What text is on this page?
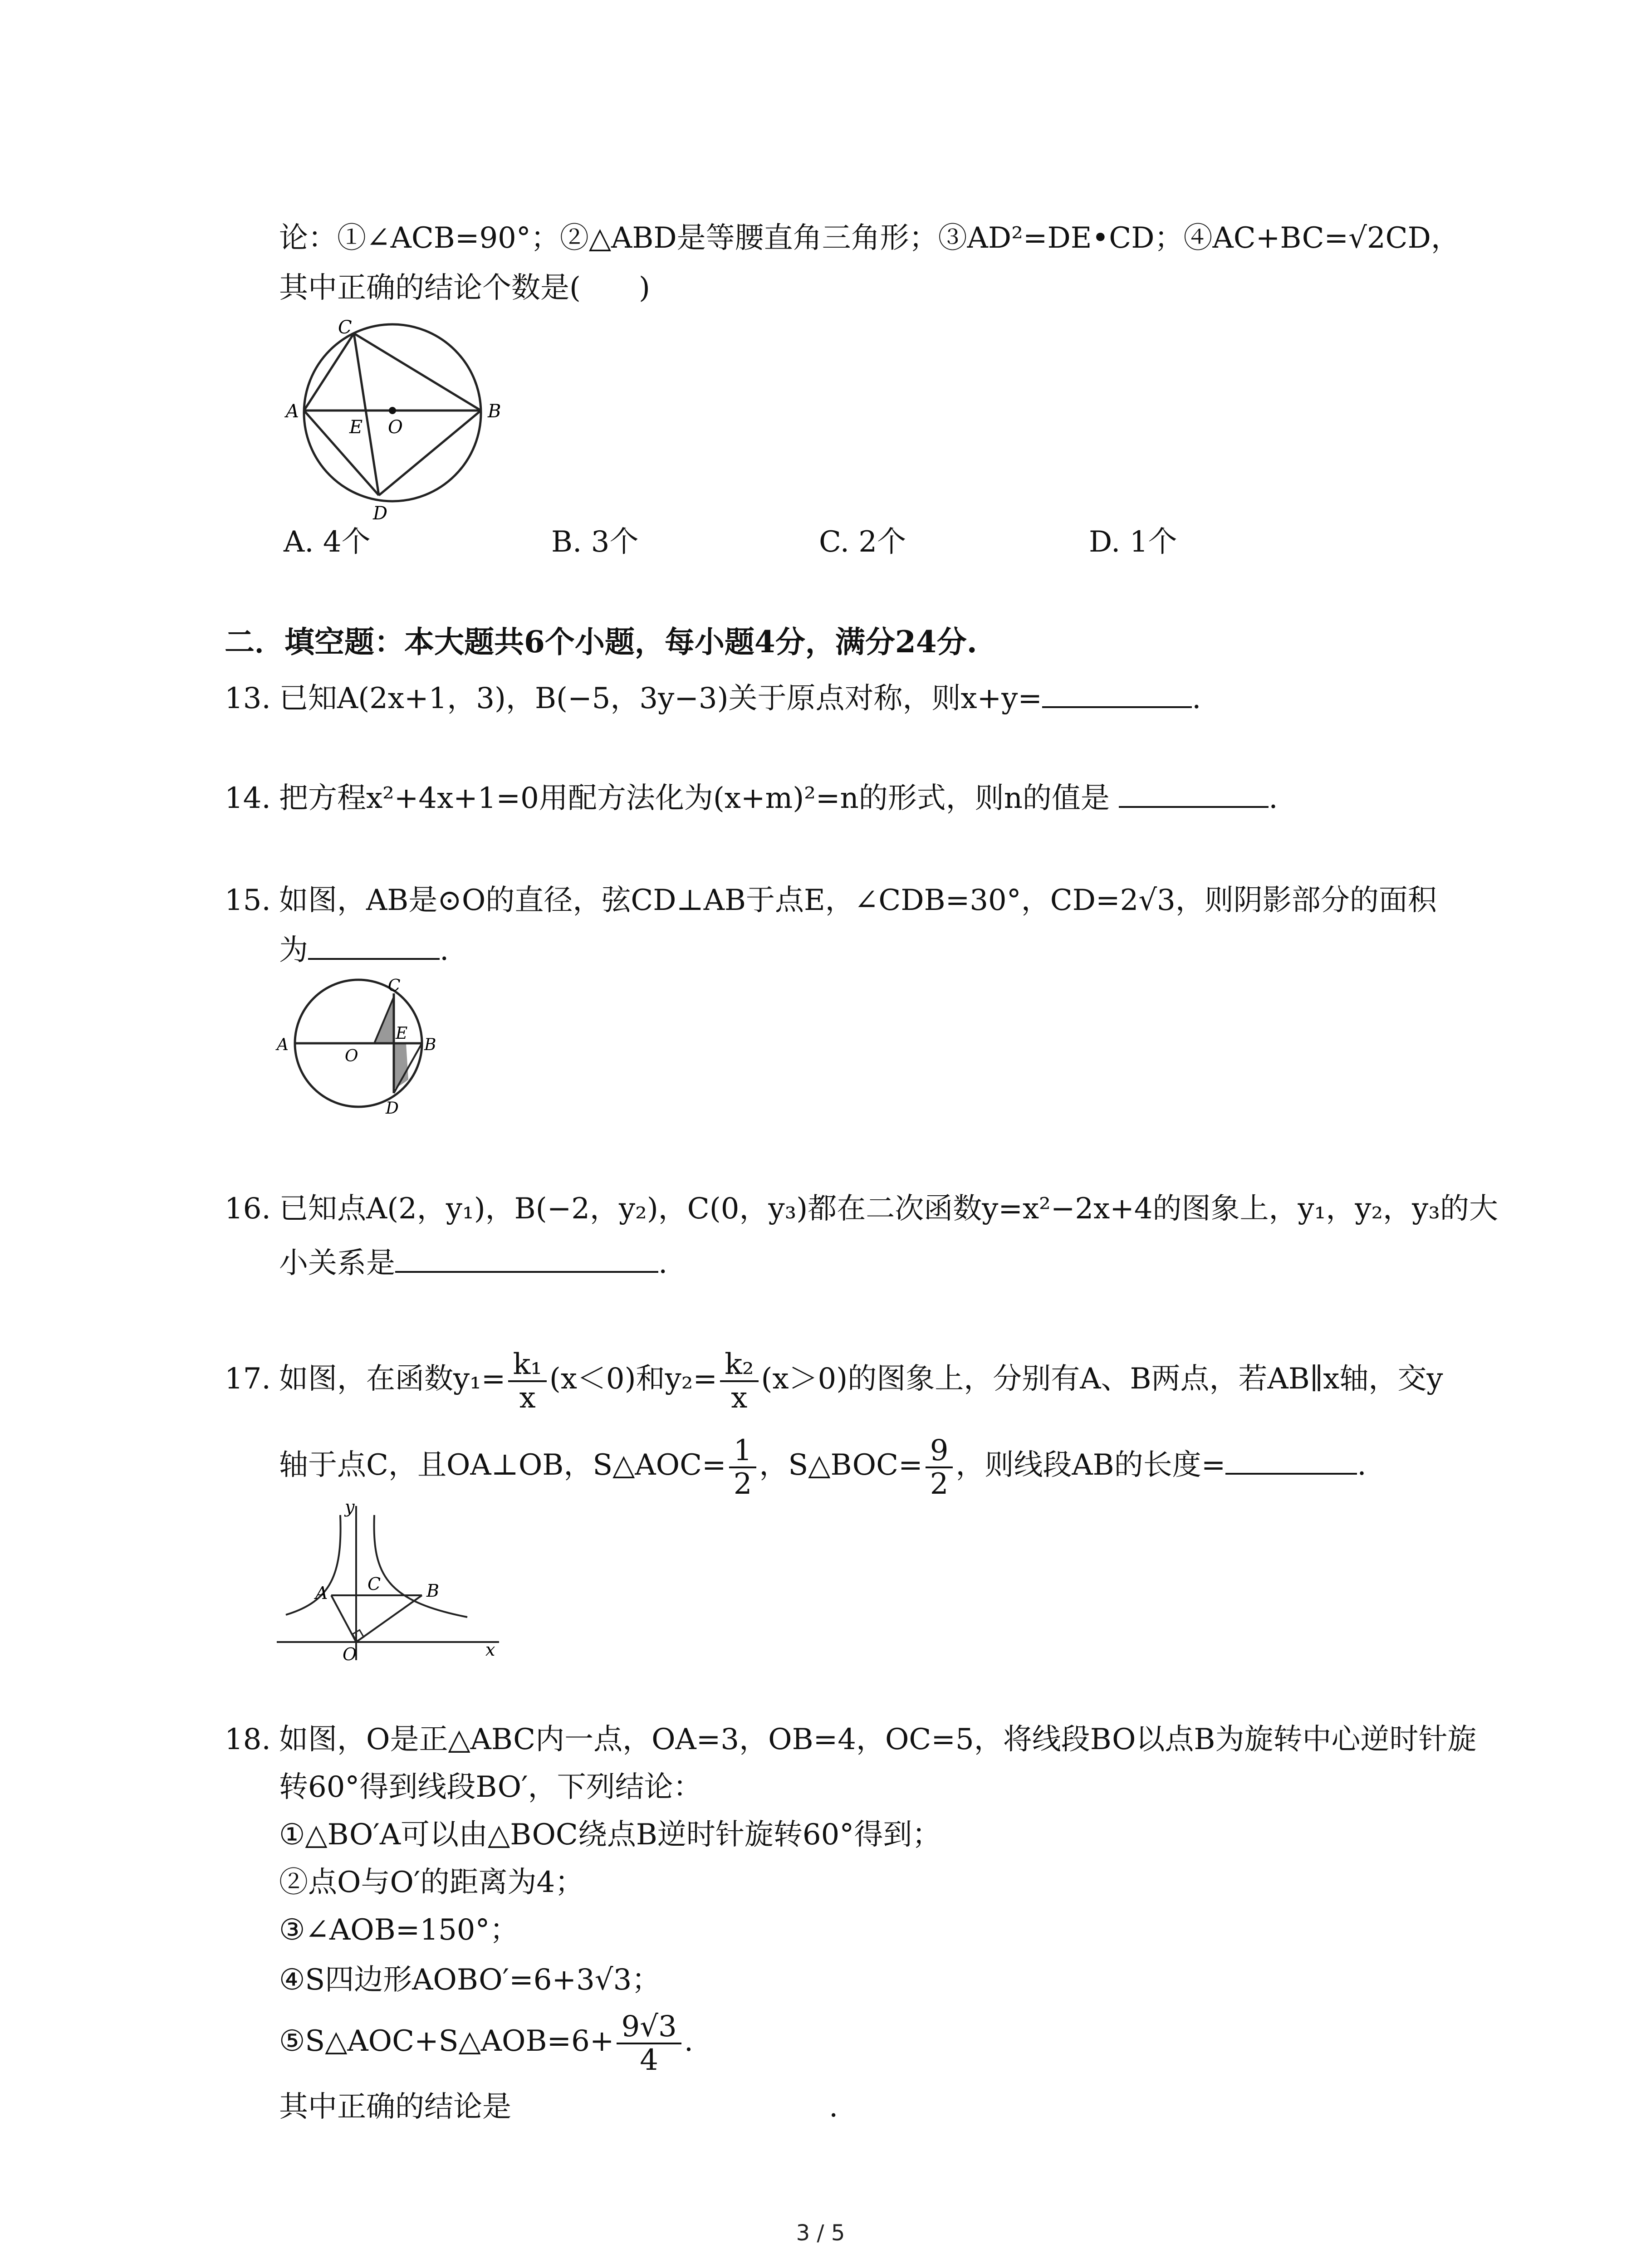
论：①∠ACB=90°；②△ABD是等腰直角三角形；③AD²=DE•CD；④AC+BC=√2CD，
其中正确的结论个数是(　　)
A	B
C
D
E O
A. 4个	B. 3个	C. 2个	D. 1个
二．填空题：本大题共6个小题，每小题4分，满分24分.
13. 已知A(2x+1，3)，B(−5，3y−3)关于原点对称，则x+y=	.
14. 把方程x²+4x+1=0用配方法化为(x+m)²=n的形式，则n的值是	.
15. 如图，AB是⊙O的直径，弦CD⊥AB于点E，∠CDB=30°，CD=2√3，则阴影部分的面积
为	.
A	B
C
D
E
O
16. 已知点A(2，y₁)，B(−2，y₂)，C(0，y₃)都在二次函数y=x²−2x+4的图象上，y₁，y₂，y₃的大
小关系是	.
17. 如图，在函数$y_1= \frac{\text{k₁}}{x} (x<0)$和$y_2= \frac{\text{k₂}}{x} (x>0)$的图象上，分别有A、B两点，若AB∥x轴，交y
轴于点C，且OA⊥OB，S△AOC= $\frac{1}{2}$ ，S△BOC= $\frac{9}{2}$ ，则线段AB的长度=	.
y
x
A	B
C
O
18. 如图，O是正△ABC内一点，OA=3，OB=4，OC=5，将线段BO以点B为旋转中心逆时针旋
转60°得到线段BO′，下列结论：
①△BO′A可以由△BOC绕点B逆时针旋转60°得到；
②点O与O′的距离为4；
③∠AOB=150°；
④S四边形AOBO′=6+3√3；
⑤S△AOC+S△AOB=6+ $\frac{9√3}{4}$ .
其中正确的结论是	.
3 / 5
